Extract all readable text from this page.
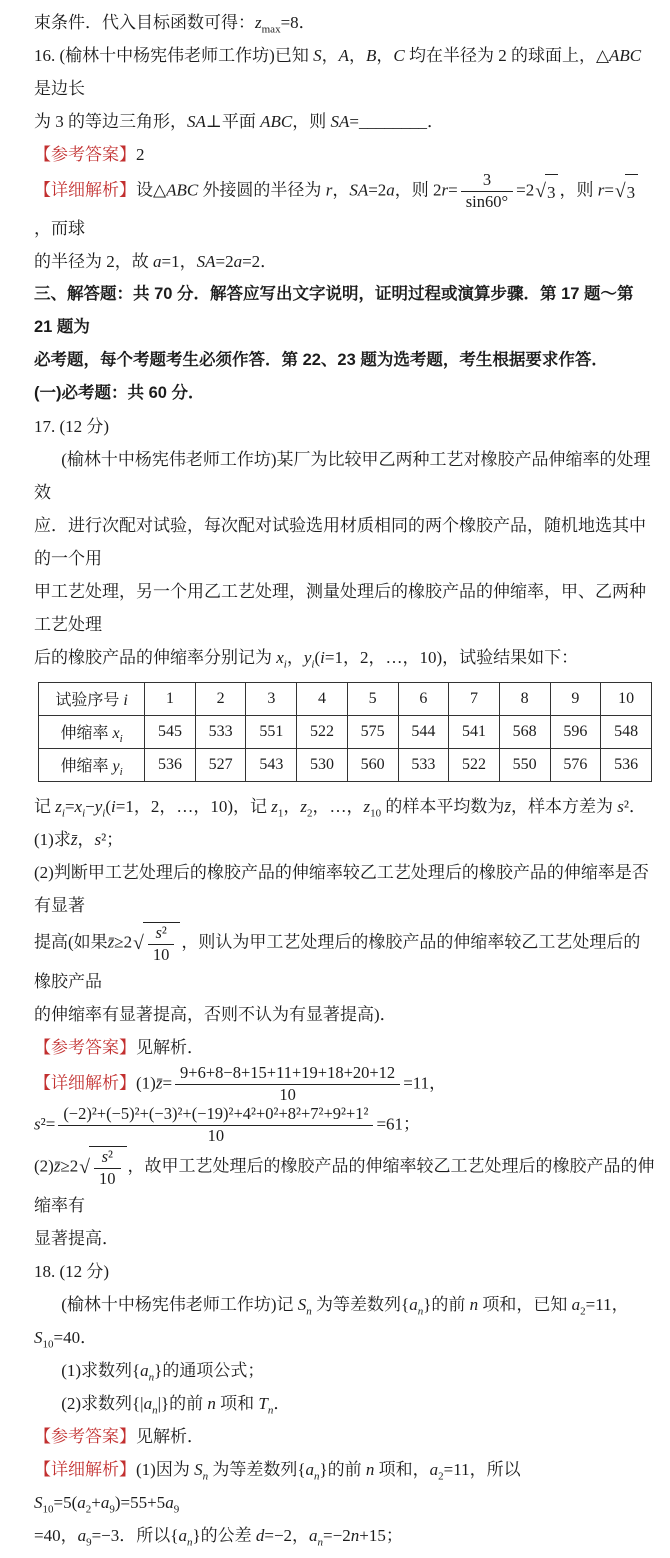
束条件．代入目标函数可得：$z_{max}=8$．
16. (榆林十中杨宪伟老师工作坊)已知 S，A，B，C 均在半径为 2 的球面上，△ABC 是边长
为 3 的等边三角形，SA⊥平面 ABC，则 SA=________．
【参考答案】2
【详细解析】设△ABC 外接圆的半径为 r，SA=2a，则 $2r= \frac{3}{\sin 60^\circ} =2$ √ 3 ，则 r= √ 3
，而球
的半径为 2，故 a=1，SA=2a=2．
三、解答题：共 70 分．解答应写出文字说明，证明过程或演算步骤．第 17 题～第 21 题为
必考题，每个考题考生必须作答．第 22、23 题为选考题，考生根据要求作答．
(一)必考题：共 60 分．
17. (12 分)
(榆林十中杨宪伟老师工作坊)某厂为比较甲乙两种工艺对橡胶产品伸缩率的处理效
应．进行次配对试验，每次配对试验选用材质相同的两个橡胶产品，随机地选其中的一个用
甲工艺处理，另一个用乙工艺处理，测量处理后的橡胶产品的伸缩率，甲、乙两种工艺处理
后的橡胶产品的伸缩率分别记为 $x_i$，$y_i(i=1$，2，…，10)，试验结果如下：
试验序号 i	1	2	3	4	5	6	7	8	9	10
伸缩率 $x_i$	545	533	551	522	575	544	541	568	596	548
伸缩率 $y_i$	536	527	543	530	560	533	522	550	576	536
记 $z_i=x_i-y_i(i=1$，2，…，10)，记 $z_1$，$z_2$，…，$z_{10}$ 的样本平均数为z̄，样本方差为 s²．
(1)求z̄，s²；
(2)判断甲工艺处理后的橡胶产品的伸缩率较乙工艺处理后的橡胶产品的伸缩率是否有显著
提高(如果z̄≥2 √ $\frac{\text{s²}}{10}$ ，则认为甲工艺处理后的橡胶产品的伸缩率较乙工艺处理后的橡胶产品
的伸缩率有显著提高，否则不认为有显著提高)．
【参考答案】见解析．
【详细解析】(1)z̄= $\frac{9+6+8-8+15+11+19+18+20+12}{10} =11$，
$s^2= \frac{\text{(−2)²+(−5)²+(−3)²+(−19)²+4²+0²+8²+7²+9²+1²}}{10} =61$；
(2)z̄≥2 √ $\frac{\text{s²}}{10}$ ，故甲工艺处理后的橡胶产品的伸缩率较乙工艺处理后的橡胶产品的伸缩率有
显著提高．
18. (12 分)
(榆林十中杨宪伟老师工作坊)记 $S_n$ 为等差数列$\{a_n\}$的前 n 项和，已知 $a_2=11$，$S_{10}=40$．
(1)求数列$\{a_n\}$的通项公式；
(2)求数列$\{|a_n|\}$的前 n 项和 $T_n$．
【参考答案】见解析．
【详细解析】(1)因为 $S_n$ 为等差数列$\{a_n\}$的前 n 项和，$a_2=11$，所以 $S_{10}=5(a_2+a_9)=55+5a_9$
=40，$a_9=-3$．所以$\{a_n\}$的公差 d=−2，$a_n=-2n+15$；
